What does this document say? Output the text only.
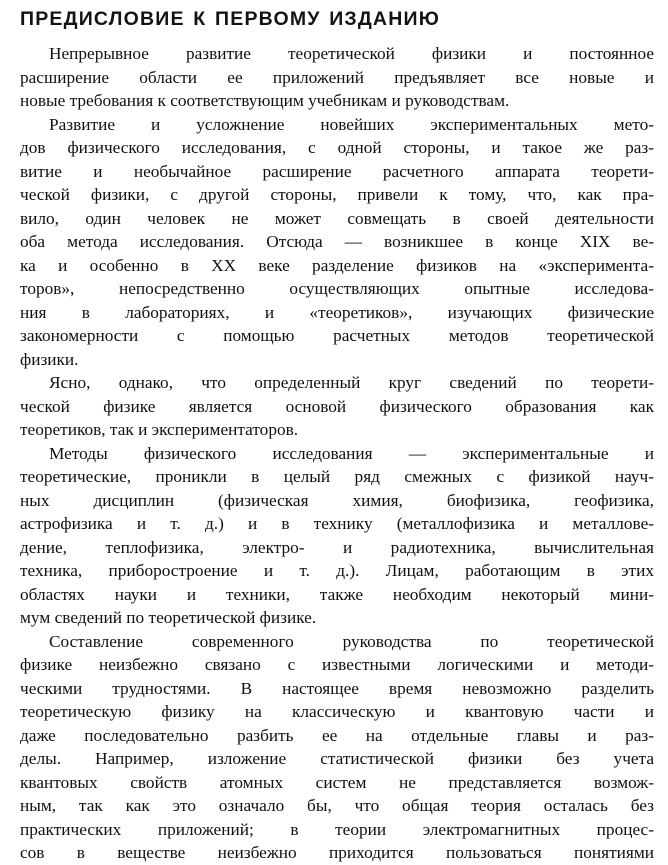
ПРЕДИСЛОВИЕ К ПЕРВОМУ ИЗДАНИЮ
Непрерывное развитие теоретической физики и постоянное
расширение области ее приложений предъявляет все новые и
новые требования к соответствующим учебникам и руководствам.
Развитие и усложнение новейших экспериментальных мето-
дов физического исследования, с одной стороны, и такое же раз-
витие и необычайное расширение расчетного аппарата теорети-
ческой физики, с другой стороны, привели к тому, что, как пра-
вило, один человек не может совмещать в своей деятельности
оба метода исследования. Отсюда — возникшее в конце XIX ве-
ка и особенно в XX веке разделение физиков на «эксперимента-
торов», непосредственно осуществляющих опытные исследова-
ния в лабораториях, и «теоретиков», изучающих физические
закономерности с помощью расчетных методов теоретической
физики.
Ясно, однако, что определенный круг сведений по теорети-
ческой физике является основой физического образования как
теоретиков, так и экспериментаторов.
Методы физического исследования — экспериментальные и
теоретические, проникли в целый ряд смежных с физикой науч-
ных дисциплин (физическая химия, биофизика, геофизика,
астрофизика и т. д.) и в технику (металлофизика и металлове-
дение, теплофизика, электро- и радиотехника, вычислительная
техника, приборостроение и т. д.). Лицам, работающим в этих
областях науки и техники, также необходим некоторый мини-
мум сведений по теоретической физике.
Составление современного руководства по теоретической
физике неизбежно связано с известными логическими и методи-
ческими трудностями. В настоящее время невозможно разделить
теоретическую физику на классическую и квантовую части и
даже последовательно разбить ее на отдельные главы и раз-
делы. Например, изложение статистической физики без учета
квантовых свойств атомных систем не представляется возмож-
ным, так как это означало бы, что общая теория осталась без
практических приложений; в теории электромагнитных процес-
сов в веществе неизбежно приходится пользоваться понятиями
